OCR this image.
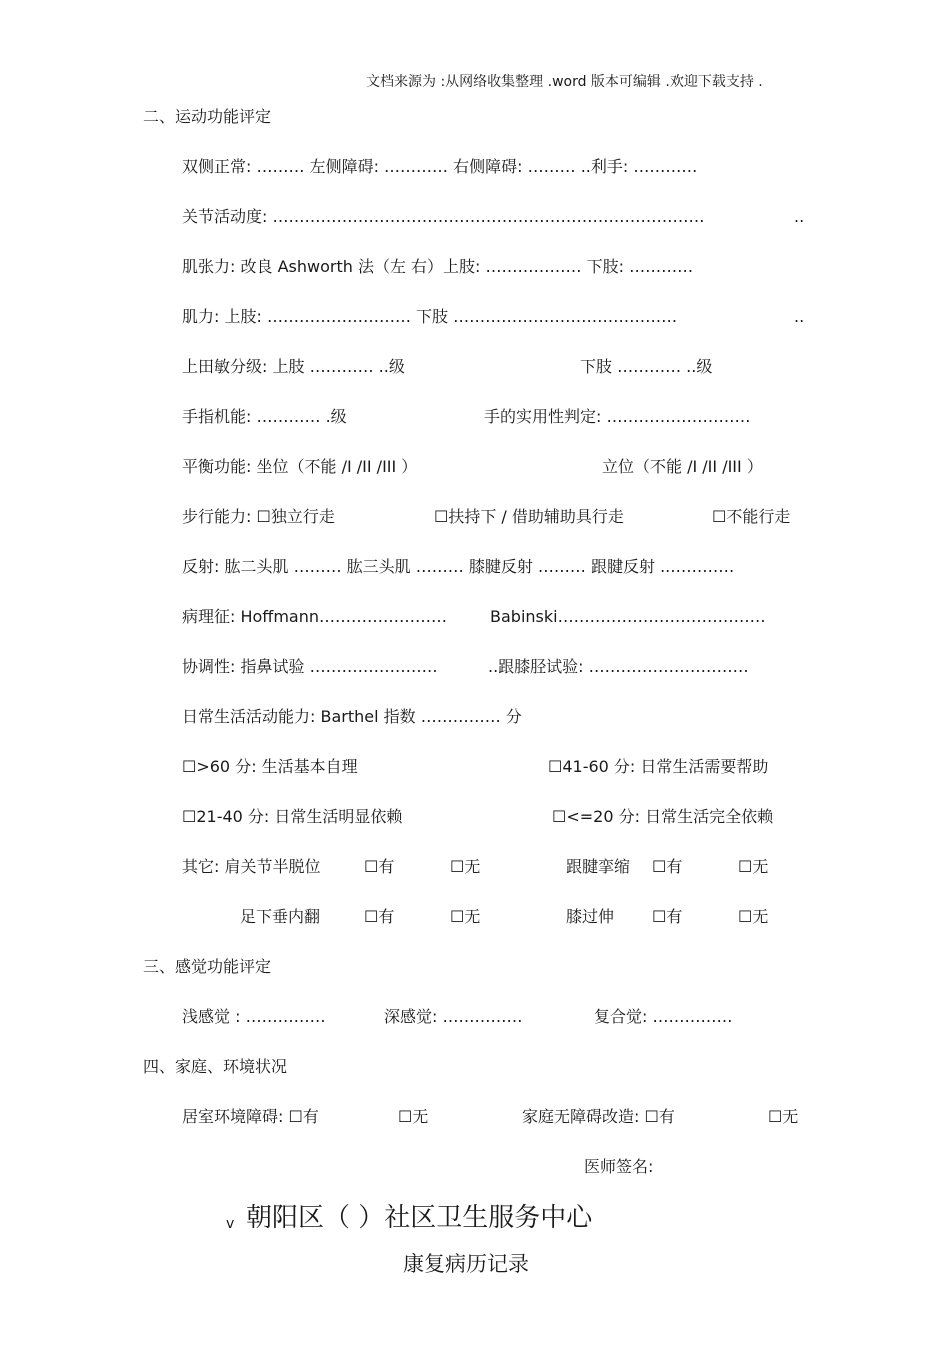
文档来源为 :从网络收集整理 .word 版本可编辑 .欢迎下载支持 .
二、运动功能评定
双侧正常: ……… 左侧障碍: ………… 右侧障碍: ……… ..利手: …………
关节活动度: ………………………………………………………………………	..
肌张力: 改良 Ashworth 法（左 右）上肢: ……………… 下肢: …………
肌力: 上肢: ……………………… 下肢 ……………………………………	..
上田敏分级: 上肢 ………… ..级	下肢 ………… ..级
手指机能: ………… .级	手的实用性判定: ………………………
平衡功能: 坐位（不能 /I /II /III ）	立位（不能 /I /II /III ）
步行能力: ☐独立行走	☐扶持下 / 借助辅助具行走	☐不能行走
反射: 肱二头肌 ……… 肱三头肌 ……… 膝腱反射 ……… 跟腱反射 ..…………
病理征: Hoffmann……………………	Babinski…………………………………
协调性: 指鼻试验 ……………………	..跟膝胫试验: …………………………
日常生活活动能力: Barthel 指数 …………… 分
☐>60 分: 生活基本自理	☐41-60 分: 日常生活需要帮助
☐21-40 分: 日常生活明显依赖	☐<=20 分: 日常生活完全依赖
其它: 肩关节半脱位	☐有	☐无	跟腱挛缩 ☐有	☐无
足下垂内翻	☐有	☐无	膝过伸 ☐有	☐无
三、感觉功能评定
浅感觉 : ……………	深感觉: ……………	复合觉: ……………
四、家庭、环境状况
居室环境障碍: ☐有	☐无	家庭无障碍改造: ☐有	☐无
医师签名:
v 朝阳区（ ）社区卫生服务中心
康复病历记录
